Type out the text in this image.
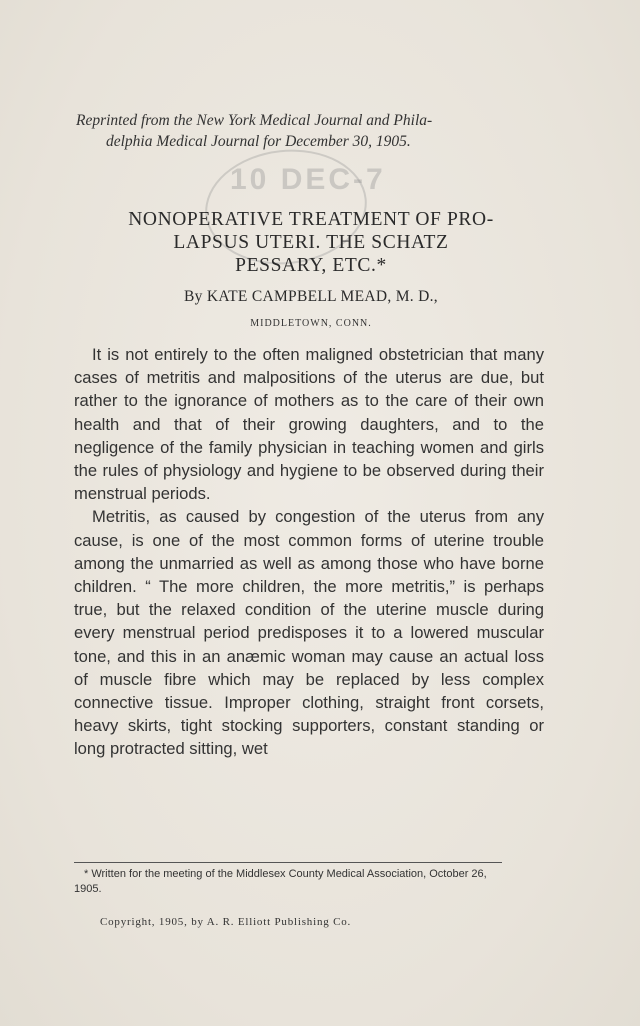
Reprinted from the New York Medical Journal and Phila-
delphia Medical Journal for December 30, 1905.
10 DEC-7
NONOPERATIVE TREATMENT OF PRO-
LAPSUS UTERI. THE SCHATZ
PESSARY, ETC.*
By KATE CAMPBELL MEAD, M. D.,
MIDDLETOWN, CONN.

It is not entirely to the often maligned obstetrician that many cases of metritis and malpositions of the uterus are due, but rather to the ignorance of mothers as to the care of their own health and that of their growing daughters, and to the negligence of the family physician in teaching women and girls the rules of physiology and hygiene to be observed during their menstrual periods.

Metritis, as caused by congestion of the uterus from any cause, is one of the most common forms of uterine trouble among the unmarried as well as among those who have borne children. “ The more children, the more metritis,” is perhaps true, but the relaxed condition of the uterine muscle during every menstrual period predisposes it to a lowered muscular tone, and this in an anæmic woman may cause an actual loss of muscle fibre which may be replaced by less complex connective tissue. Improper clothing, straight front corsets, heavy skirts, tight stocking supporters, constant standing or long protracted sitting, wet

* Written for the meeting of the Middlesex County Medical Association, October 26, 1905.
Copyright, 1905, by A. R. Elliott Publishing Co.
